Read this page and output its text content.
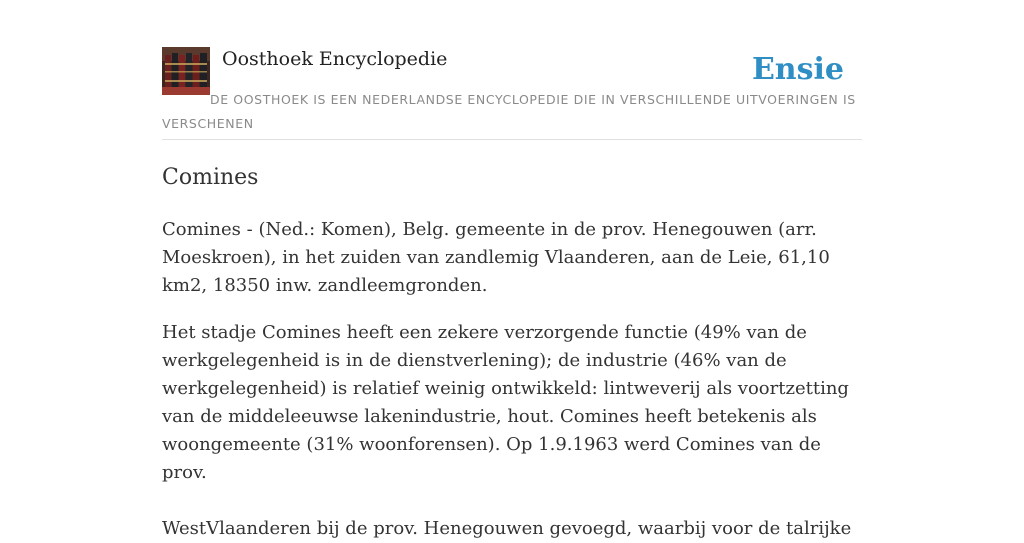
Oosthoek Encyclopedie	Ensie
DE OOSTHOEK IS EEN NEDERLANDSE ENCYCLOPEDIE DIE IN VERSCHILLENDE UITVOERINGEN IS VERSCHENEN
Comines

Comines - (Ned.: Komen), Belg. gemeente in de prov. Henegouwen (arr. Moeskroen), in het zuiden van zandlemig Vlaanderen, aan de Leie, 61,10 km2, 18350 inw. zandleemgronden.

Het stadje Comines heeft een zekere verzorgende functie (49% van de werkgelegenheid is in de dienstverlening); de industrie (46% van de werkgelegenheid) is relatief weinig ontwikkeld: lintweverij als voortzetting van de middeleeuwse lakenindustrie, hout. Comines heeft betekenis als woongemeente (31% woonforensen). Op 1.9.1963 werd Comines van de prov.

WestVlaanderen bij de prov. Henegouwen gevoegd, waarbij voor de talrijke
